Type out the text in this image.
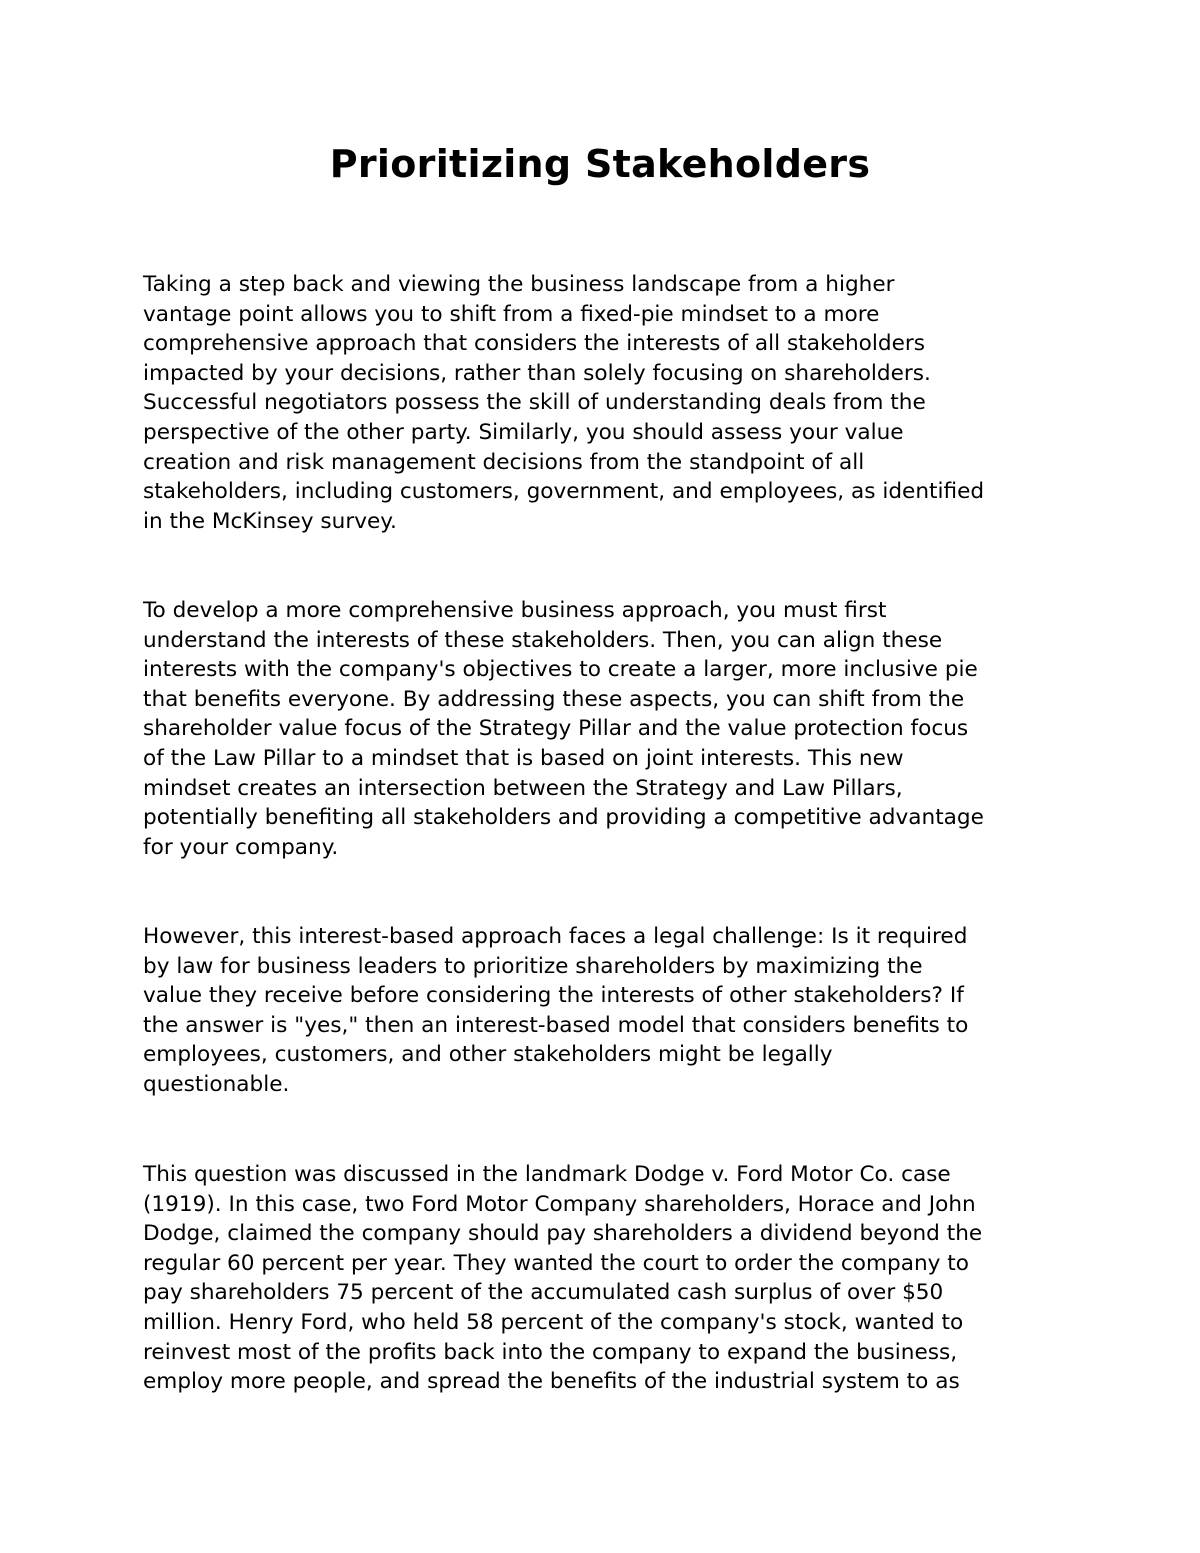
Prioritizing Stakeholders

Taking a step back and viewing the business landscape from a higher
vantage point allows you to shift from a fixed-pie mindset to a more
comprehensive approach that considers the interests of all stakeholders
impacted by your decisions, rather than solely focusing on shareholders.
Successful negotiators possess the skill of understanding deals from the
perspective of the other party. Similarly, you should assess your value
creation and risk management decisions from the standpoint of all
stakeholders, including customers, government, and employees, as identified
in the McKinsey survey.

To develop a more comprehensive business approach, you must first
understand the interests of these stakeholders. Then, you can align these
interests with the company's objectives to create a larger, more inclusive pie
that benefits everyone. By addressing these aspects, you can shift from the
shareholder value focus of the Strategy Pillar and the value protection focus
of the Law Pillar to a mindset that is based on joint interests. This new
mindset creates an intersection between the Strategy and Law Pillars,
potentially benefiting all stakeholders and providing a competitive advantage
for your company.

However, this interest-based approach faces a legal challenge: Is it required
by law for business leaders to prioritize shareholders by maximizing the
value they receive before considering the interests of other stakeholders? If
the answer is "yes," then an interest-based model that considers benefits to
employees, customers, and other stakeholders might be legally
questionable.

This question was discussed in the landmark Dodge v. Ford Motor Co. case
(1919). In this case, two Ford Motor Company shareholders, Horace and John
Dodge, claimed the company should pay shareholders a dividend beyond the
regular 60 percent per year. They wanted the court to order the company to
pay shareholders 75 percent of the accumulated cash surplus of over $50
million. Henry Ford, who held 58 percent of the company's stock, wanted to
reinvest most of the profits back into the company to expand the business,
employ more people, and spread the benefits of the industrial system to as
